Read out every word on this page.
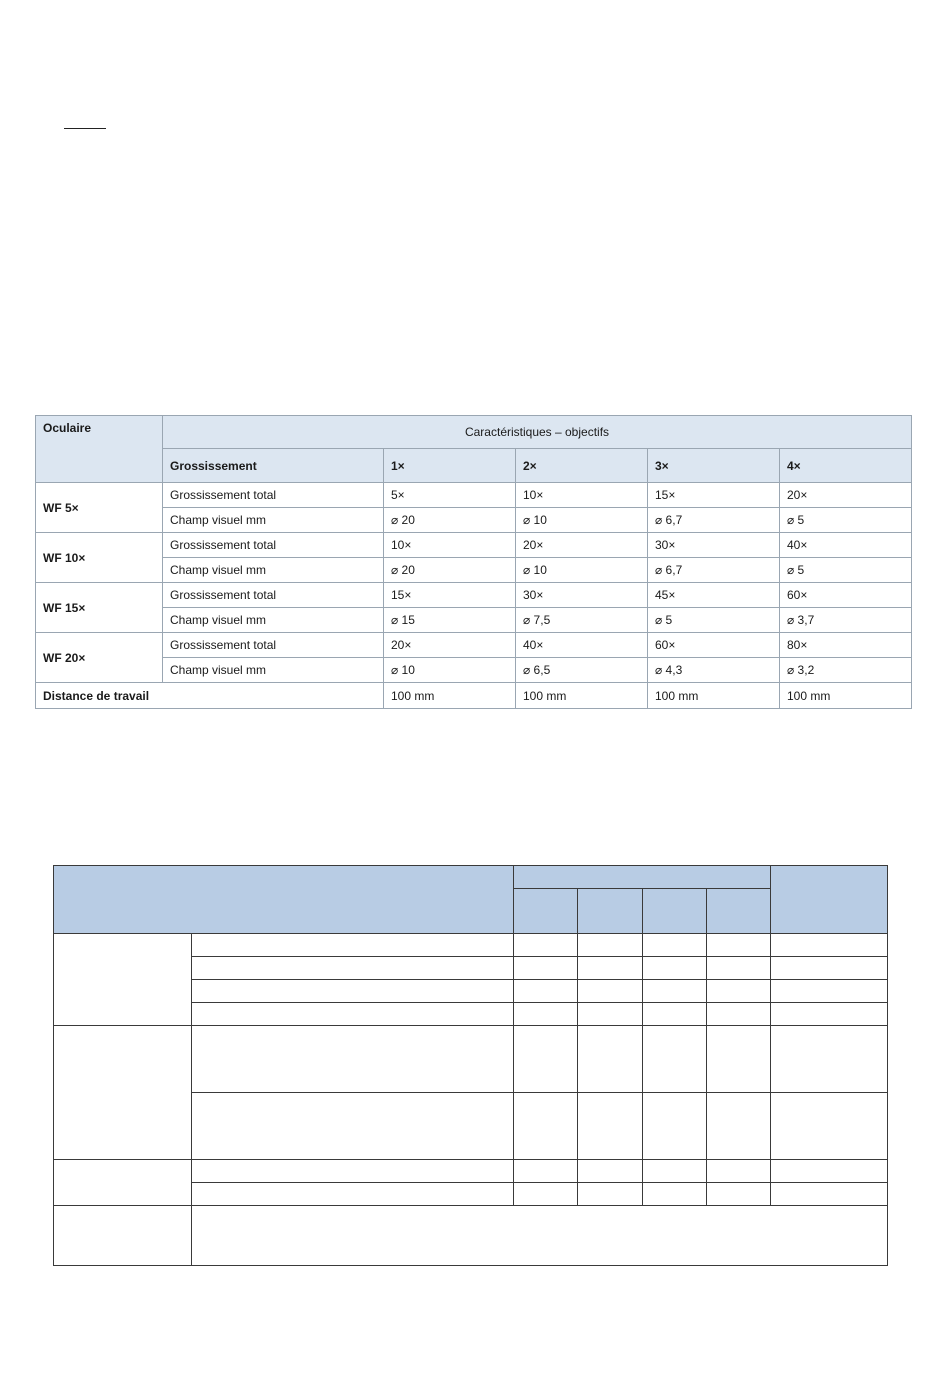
Oculaire	Caractéristiques – objectifs				
	Grossissement	1×	2×	3×	4×
WF 5×	Grossissement total	5×	10×	15×	20×
	Champ visuel mm	⌀ 20	⌀ 10	⌀ 6,7	⌀ 5
WF 10×	Grossissement total	10×	20×	30×	40×
	Champ visuel mm	⌀ 20	⌀ 10	⌀ 6,7	⌀ 5
WF 15×	Grossissement total	15×	30×	45×	60×
	Champ visuel mm	⌀ 15	⌀ 7,5	⌀ 5	⌀ 3,7
WF 20×	Grossissement total	20×	40×	60×	80×
	Champ visuel mm	⌀ 10	⌀ 6,5	⌀ 4,3	⌀ 3,2
Distance de travail		100 mm	100 mm	100 mm	100 mm
